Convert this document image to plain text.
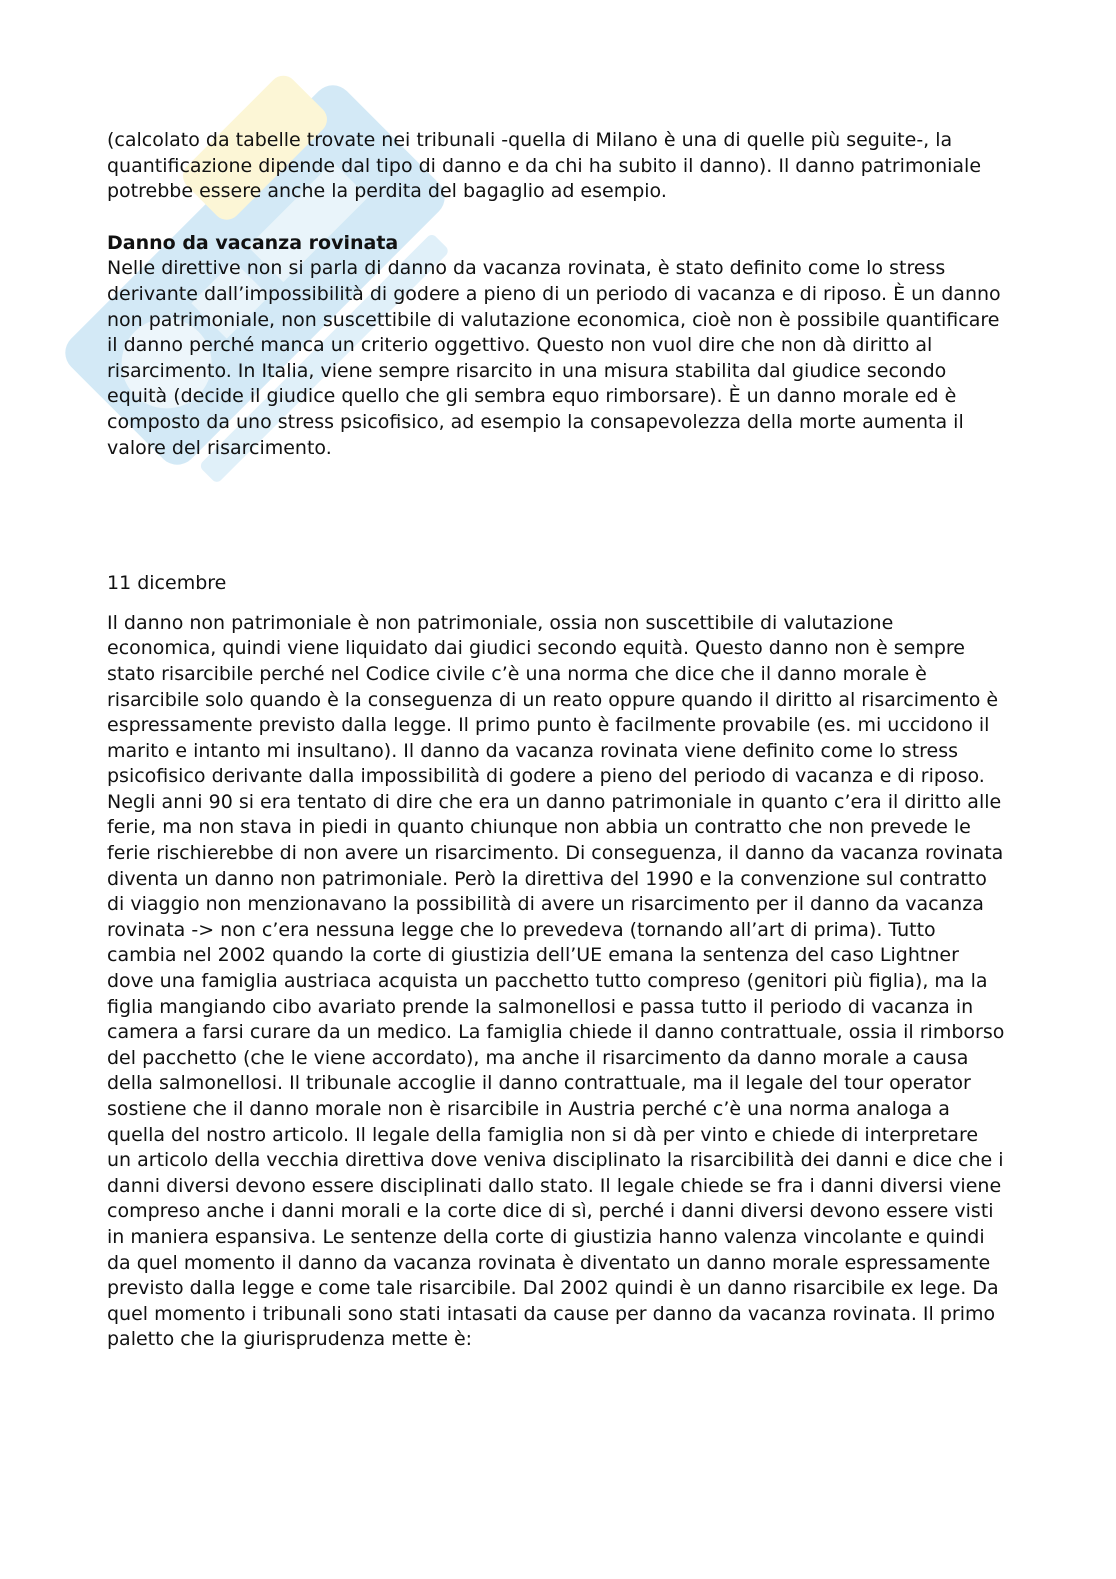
(calcolato da tabelle trovate nei tribunali -quella di Milano è una di quelle più seguite-, la quantificazione dipende dal tipo di danno e da chi ha subito il danno). Il danno patrimoniale potrebbe essere anche la perdita del bagaglio ad esempio.

Danno da vacanza rovinata

Nelle direttive non si parla di danno da vacanza rovinata, è stato definito come lo stress derivante dall’impossibilità di godere a pieno di un periodo di vacanza e di riposo. È un danno non patrimoniale, non suscettibile di valutazione economica, cioè non è possibile quantificare il danno perché manca un criterio oggettivo. Questo non vuol dire che non dà diritto al risarcimento. In Italia, viene sempre risarcito in una misura stabilita dal giudice secondo equità (decide il giudice quello che gli sembra equo rimborsare). È un danno morale ed è composto da uno stress psicofisico, ad esempio la consapevolezza della morte aumenta il valore del risarcimento.

11 dicembre

Il danno non patrimoniale è non patrimoniale, ossia non suscettibile di valutazione economica, quindi viene liquidato dai giudici secondo equità. Questo danno non è sempre stato risarcibile perché nel Codice civile c’è una norma che dice che il danno morale è risarcibile solo quando è la conseguenza di un reato oppure quando il diritto al risarcimento è espressamente previsto dalla legge. Il primo punto è facilmente provabile (es. mi uccidono il marito e intanto mi insultano). Il danno da vacanza rovinata viene definito come lo stress psicofisico derivante dalla impossibilità di godere a pieno del periodo di vacanza e di riposo. Negli anni 90 si era tentato di dire che era un danno patrimoniale in quanto c’era il diritto alle ferie, ma non stava in piedi in quanto chiunque non abbia un contratto che non prevede le ferie rischierebbe di non avere un risarcimento. Di conseguenza, il danno da vacanza rovinata diventa un danno non patrimoniale. Però la direttiva del 1990 e la convenzione sul contratto di viaggio non menzionavano la possibilità di avere un risarcimento per il danno da vacanza rovinata -> non c’era nessuna legge che lo prevedeva (tornando all’art di prima). Tutto cambia nel 2002 quando la corte di giustizia dell’UE emana la sentenza del caso Lightner dove una famiglia austriaca acquista un pacchetto tutto compreso (genitori più figlia), ma la figlia mangiando cibo avariato prende la salmonellosi e passa tutto il periodo di vacanza in camera a farsi curare da un medico. La famiglia chiede il danno contrattuale, ossia il rimborso del pacchetto (che le viene accordato), ma anche il risarcimento da danno morale a causa della salmonellosi. Il tribunale accoglie il danno contrattuale, ma il legale del tour operator sostiene che il danno morale non è risarcibile in Austria perché c’è una norma analoga a quella del nostro articolo. Il legale della famiglia non si dà per vinto e chiede di interpretare un articolo della vecchia direttiva dove veniva disciplinato la risarcibilità dei danni e dice che i danni diversi devono essere disciplinati dallo stato. Il legale chiede se fra i danni diversi viene compreso anche i danni morali e la corte dice di sì, perché i danni diversi devono essere visti in maniera espansiva. Le sentenze della corte di giustizia hanno valenza vincolante e quindi da quel momento il danno da vacanza rovinata è diventato un danno morale espressamente previsto dalla legge e come tale risarcibile. Dal 2002 quindi è un danno risarcibile ex lege. Da quel momento i tribunali sono stati intasati da cause per danno da vacanza rovinata. Il primo paletto che la giurisprudenza mette è:
